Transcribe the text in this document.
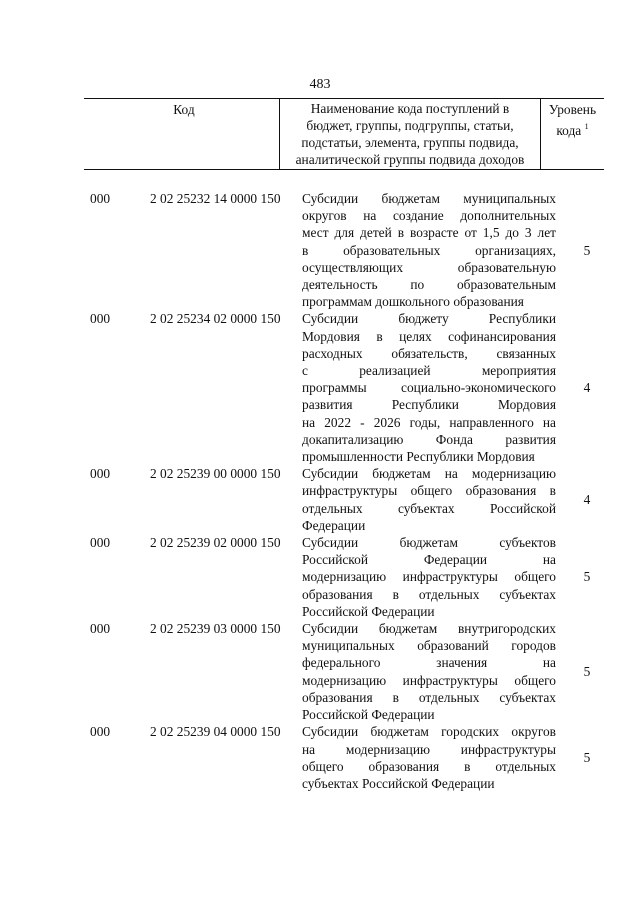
483
Код	Наименование кода поступлений в
бюджет, группы, подгруппы, статьи,
подстатьи, элемента, группы подвида,
аналитической группы подвида доходов
Уровень
кода $^1$
000	2 02 25232 14 0000 150	Субсидии бюджетам муниципальных
округов на создание дополнительных
мест для детей в возрасте от 1,5 до 3 лет
в образовательных организациях,
осуществляющих образовательную
деятельность по образовательным
программам дошкольного образования
5
000	2 02 25234 02 0000 150	Субсидии бюджету Республики
Мордовия в целях софинансирования
расходных обязательств, связанных
с реализацией мероприятия
программы социально-экономического
развития Республики Мордовия
на 2022 - 2026 годы, направленного на
докапитализацию Фонда развития
промышленности Республики Мордовия
4
000	2 02 25239 00 0000 150	Субсидии бюджетам на модернизацию
инфраструктуры общего образования в
отдельных субъектах Российской
Федерации
4
000	2 02 25239 02 0000 150	Субсидии бюджетам субъектов
Российской Федерации на
модернизацию инфраструктуры общего
образования в отдельных субъектах
Российской Федерации
5
000	2 02 25239 03 0000 150	Субсидии бюджетам внутригородских
муниципальных образований городов
федерального значения на
модернизацию инфраструктуры общего
образования в отдельных субъектах
Российской Федерации
5
000	2 02 25239 04 0000 150	Субсидии бюджетам городских округов
на модернизацию инфраструктуры
общего образования в отдельных
субъектах Российской Федерации
5
